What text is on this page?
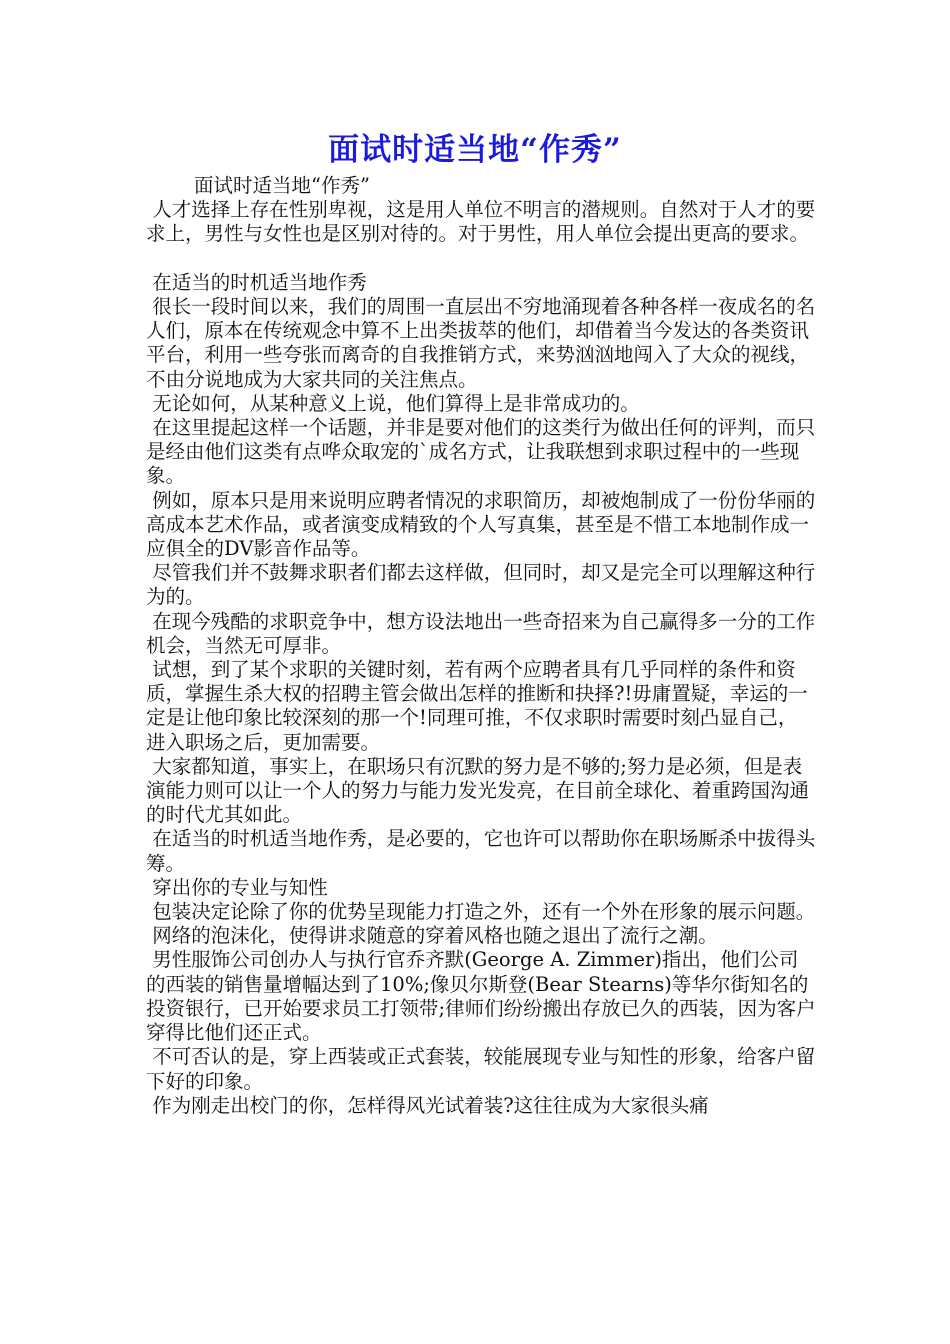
面试时适当地“作秀”

面试时适当地“作秀”

人才选择上存在性别卑视，这是用人单位不明言的潜规则。自然对于人才的要求上，男性与女性也是区别对待的。对于男性，用人单位会提出更高的要求。

在适当的时机适当地作秀

很长一段时间以来，我们的周围一直层出不穷地涌现着各种各样一夜成名的名人们，原本在传统观念中算不上出类拔萃的他们，却借着当今发达的各类资讯平台，利用一些夸张而离奇的自我推销方式，来势汹汹地闯入了大众的视线，不由分说地成为大家共同的关注焦点。

无论如何，从某种意义上说，他们算得上是非常成功的。

在这里提起这样一个话题，并非是要对他们的这类行为做出任何的评判，而只是经由他们这类有点哗众取宠的`成名方式，让我联想到求职过程中的一些现象。

例如，原本只是用来说明应聘者情况的求职简历，却被炮制成了一份份华丽的高成本艺术作品，或者演变成精致的个人写真集，甚至是不惜工本地制作成一应俱全的DV影音作品等。

尽管我们并不鼓舞求职者们都去这样做，但同时，却又是完全可以理解这种行为的。

在现今残酷的求职竞争中，想方设法地出一些奇招来为自己赢得多一分的工作机会，当然无可厚非。

试想，到了某个求职的关键时刻，若有两个应聘者具有几乎同样的条件和资质，掌握生杀大权的招聘主管会做出怎样的推断和抉择?!毋庸置疑，幸运的一定是让他印象比较深刻的那一个!同理可推，不仅求职时需要时刻凸显自己，进入职场之后，更加需要。

大家都知道，事实上，在职场只有沉默的努力是不够的;努力是必须，但是表演能力则可以让一个人的努力与能力发光发亮，在目前全球化、着重跨国沟通的时代尤其如此。

在适当的时机适当地作秀，是必要的，它也许可以帮助你在职场厮杀中拔得头筹。

穿出你的专业与知性

包装决定论除了你的优势呈现能力打造之外，还有一个外在形象的展示问题。

网络的泡沫化，使得讲求随意的穿着风格也随之退出了流行之潮。

男性服饰公司创办人与执行官乔齐默(George A. Zimmer)指出，他们公司的西装的销售量增幅达到了10%;像贝尔斯登(Bear Stearns)等华尔街知名的投资银行，已开始要求员工打领带;律师们纷纷搬出存放已久的西装，因为客户穿得比他们还正式。

不可否认的是，穿上西装或正式套装，较能展现专业与知性的形象，给客户留下好的印象。

作为刚走出校门的你，怎样得风光试着装?这往往成为大家很头痛
